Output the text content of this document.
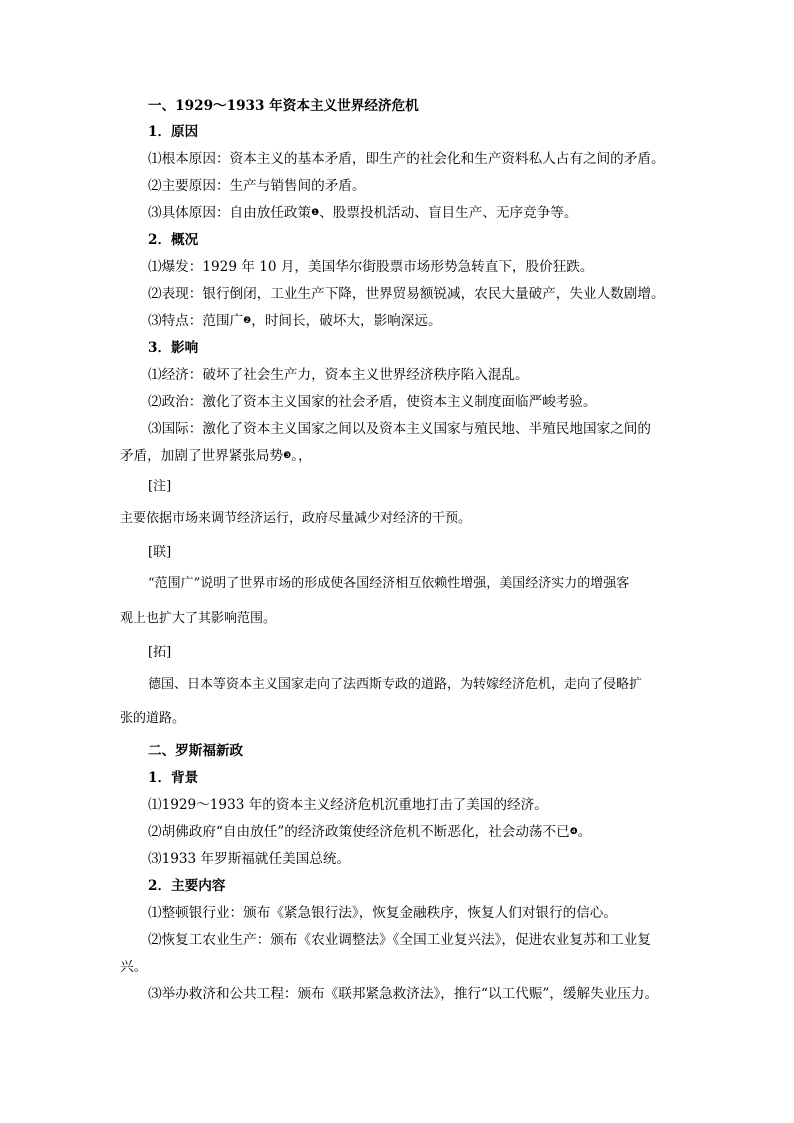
一、1929～1933 年资本主义世界经济危机
1．原因
⑴根本原因：资本主义的基本矛盾，即生产的社会化和生产资料私人占有之间的矛盾。
⑵主要原因：生产与销售间的矛盾。
⑶具体原因：自由放任政策❶、股票投机活动、盲目生产、无序竞争等。
2．概况
⑴爆发：1929 年 10 月，美国华尔街股票市场形势急转直下，股价狂跌。
⑵表现：银行倒闭，工业生产下降，世界贸易额锐减，农民大量破产，失业人数剧增。
⑶特点：范围广❷，时间长，破坏大，影响深远。
3．影响
⑴经济：破坏了社会生产力，资本主义世界经济秩序陷入混乱。
⑵政治：激化了资本主义国家的社会矛盾，使资本主义制度面临严峻考验。
⑶国际：激化了资本主义国家之间以及资本主义国家与殖民地、半殖民地国家之间的
矛盾，加剧了世界紧张局势❸。，
[注]
主要依据市场来调节经济运行，政府尽量减少对经济的干预。
[联]
“范围广”说明了世界市场的形成使各国经济相互依赖性增强，美国经济实力的增强客
观上也扩大了其影响范围。
[拓]
德国、日本等资本主义国家走向了法西斯专政的道路，为转嫁经济危机，走向了侵略扩
张的道路。
二、罗斯福新政
1．背景
⑴1929～1933 年的资本主义经济危机沉重地打击了美国的经济。
⑵胡佛政府“自由放任”的经济政策使经济危机不断恶化，社会动荡不已❹。
⑶1933 年罗斯福就任美国总统。
2．主要内容
⑴整顿银行业：颁布《紧急银行法》，恢复金融秩序，恢复人们对银行的信心。
⑵恢复工农业生产：颁布《农业调整法》《全国工业复兴法》，促进农业复苏和工业复
兴。
⑶举办救济和公共工程：颁布《联邦紧急救济法》，推行“以工代赈”，缓解失业压力。
